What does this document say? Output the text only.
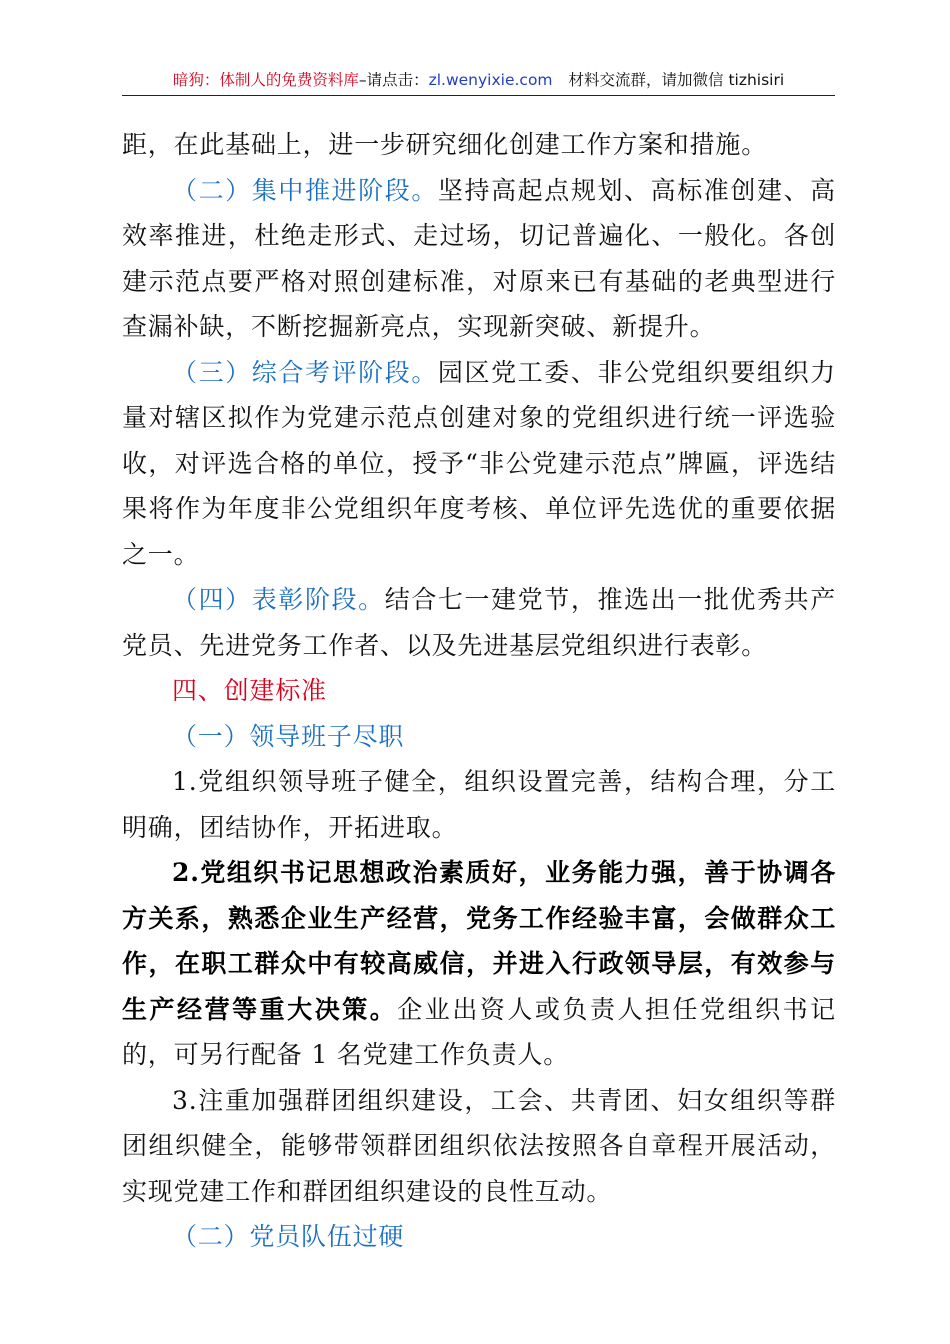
暗狗：体制人的免费资料库 –请点击： zl.wenyixie.com 材料交流群，请加微信 tizhisiri

距，在此基础上，进一步研究细化创建工作方案和措施。

（二）集中推进阶段。坚持高起点规划、高标准创建、高效率推进，杜绝走形式、走过场，切记普遍化、一般化。各创建示范点要严格对照创建标准，对原来已有基础的老典型进行查漏补缺，不断挖掘新亮点，实现新突破、新提升。

（三）综合考评阶段。园区党工委、非公党组织要组织力量对辖区拟作为党建示范点创建对象的党组织进行统一评选验收，对评选合格的单位，授予“非公党建示范点”牌匾，评选结果将作为年度非公党组织年度考核、单位评先选优的重要依据之一。

（四）表彰阶段。结合七一建党节，推选出一批优秀共产党员、先进党务工作者、以及先进基层党组织进行表彰。

四、创建标准

（一）领导班子尽职

1.党组织领导班子健全，组织设置完善，结构合理，分工明确，团结协作，开拓进取。

2.党组织书记思想政治素质好，业务能力强，善于协调各方关系，熟悉企业生产经营，党务工作经验丰富，会做群众工作，在职工群众中有较高威信，并进入行政领导层，有效参与生产经营等重大决策。企业出资人或负责人担任党组织书记的，可另行配备 1 名党建工作负责人。

3.注重加强群团组织建设，工会、共青团、妇女组织等群团组织健全，能够带领群团组织依法按照各自章程开展活动，实现党建工作和群团组织建设的良性互动。

（二）党员队伍过硬
